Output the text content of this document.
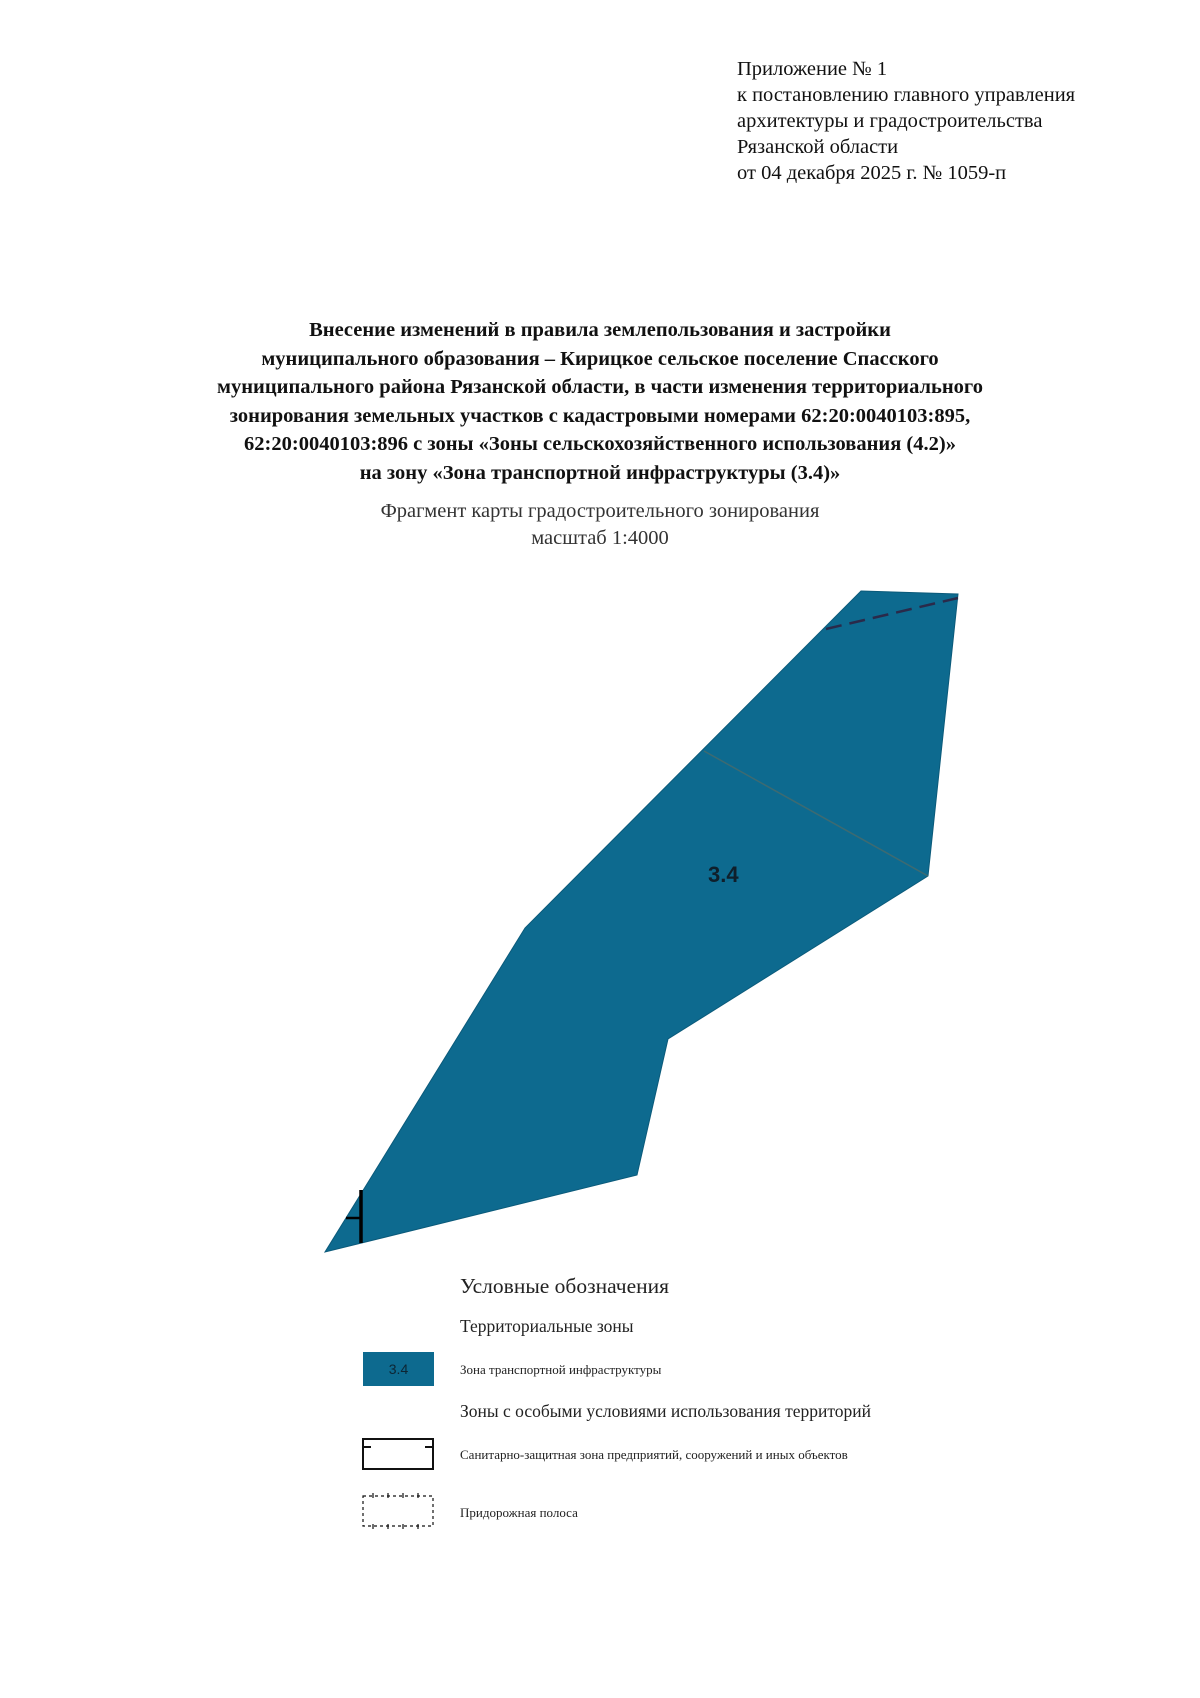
Приложение № 1
к постановлению главного управления
архитектуры и градостроительства
Рязанской области
от 04 декабря 2025 г. № 1059-п
Внесение изменений в правила землепользования и застройки
муниципального образования – Кирицкое сельское поселение Спасского
муниципального района Рязанской области, в части изменения территориального
зонирования земельных участков с кадастровыми номерами 62:20:0040103:895,
62:20:0040103:896 с зоны «Зоны сельскохозяйственного использования (4.2)»
на зону «Зона транспортной инфраструктуры (3.4)»
Фрагмент карты градостроительного зонирования
масштаб 1:4000
3.4
Условные обозначения
Территориальные зоны
3.4	Зона транспортной инфраструктуры
Зоны с особыми условиями использования территорий
Санитарно-защитная зона предприятий, сооружений и иных объектов
Придорожная полоса
